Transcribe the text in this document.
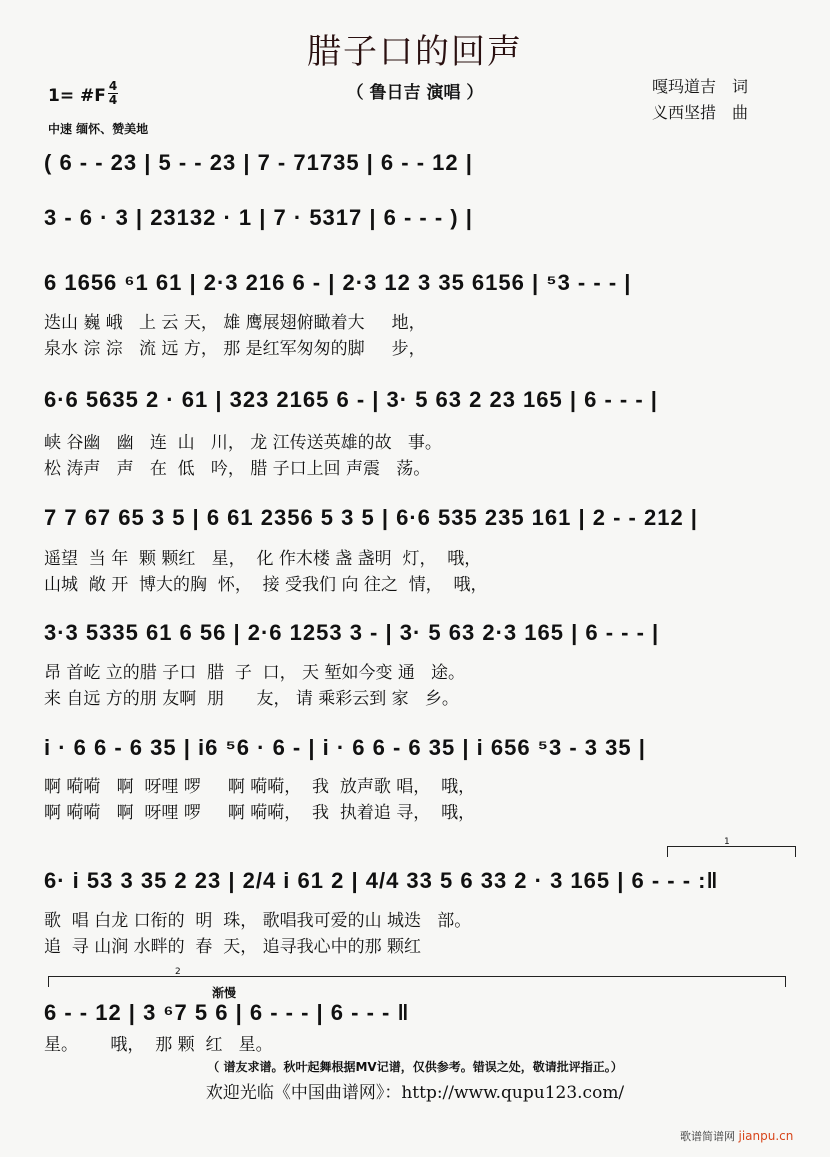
腊子口的回声
（ 鲁日吉 演唱 ）	嘎玛道吉　词
义西坚措　曲
1= #F 4
4
中速 缅怀、赞美地

( 6 - - 23 | 5 - - 23 | 7 - 71735 | 6 - - 12 |

3 - 6 · 3 | 23132 · 1 | 7 · 5317 | 6 - - - ) |

6 1656 ⁶1 61 | 2·3 216 6 - | 2·3 12 3 35 6156 | ⁵3 - - - |

迭山 巍 峨   上 云 天， 雄 鹰展翅俯瞰着大     地，
泉水 淙 淙   流 远 方， 那 是红军匆匆的脚     步，

6·6 5635 2 · 61 | 323 2165 6 - | 3· 5 63 2 23 165 | 6 - - - |

峡 谷幽   幽   连  山   川， 龙 江传送英雄的故   事。
松 涛声   声   在  低   吟， 腊 子口上回 声震   荡。

7 7 67 65 3 5 | 6 61 2356 5 3 5 | 6·6 535 235 161 | 2 - - 212 |

遥望  当 年  颗 颗红   星，  化 作木楼 盏 盏明  灯，  哦，
山城  敞 开  博大的胸  怀，  接 受我们 向 往之  情，  哦，

3·3 5335 61 6 56 | 2·6 1253 3 - | 3· 5 63 2·3 165 | 6 - - - |

昂 首屹 立的腊 子口  腊  子  口， 天 堑如今变 通   途。
来 自远 方的朋 友啊  朋      友， 请 乘彩云到 家   乡。

i · 6 6 - 6 35 | i6 ⁵6 · 6 - | i · 6 6 - 6 35 | i 656 ⁵3 - 3 35 |

啊 嗬嗬   啊  呀哩 啰     啊 嗬嗬，  我  放声歌 唱，  哦，
啊 嗬嗬   啊  呀哩 啰     啊 嗬嗬，  我  执着追 寻，  哦，
1

6· i 53 3 35 2 23 | 2/4 i 61 2 | 4/4 33 5 6 33 2 · 3 165 | 6 - - - :‖

歌  唱 白龙 口衔的  明  珠， 歌唱我可爱的山 城迭   部。
追  寻 山涧 水畔的  春  天， 追寻我心中的那 颗红
2
渐慢

6 - - 12 | 3 ⁶7 5 6 | 6 - - - | 6 - - - ‖

星。      哦，  那 颗  红   星。
（ 谱友求谱。秋叶起舞根据MV记谱，仅供参考。错误之处，敬请批评指正。）
欢迎光临《中国曲谱网》：http://www.qupu123.com/
歌谱简谱网 jianpu.cn
